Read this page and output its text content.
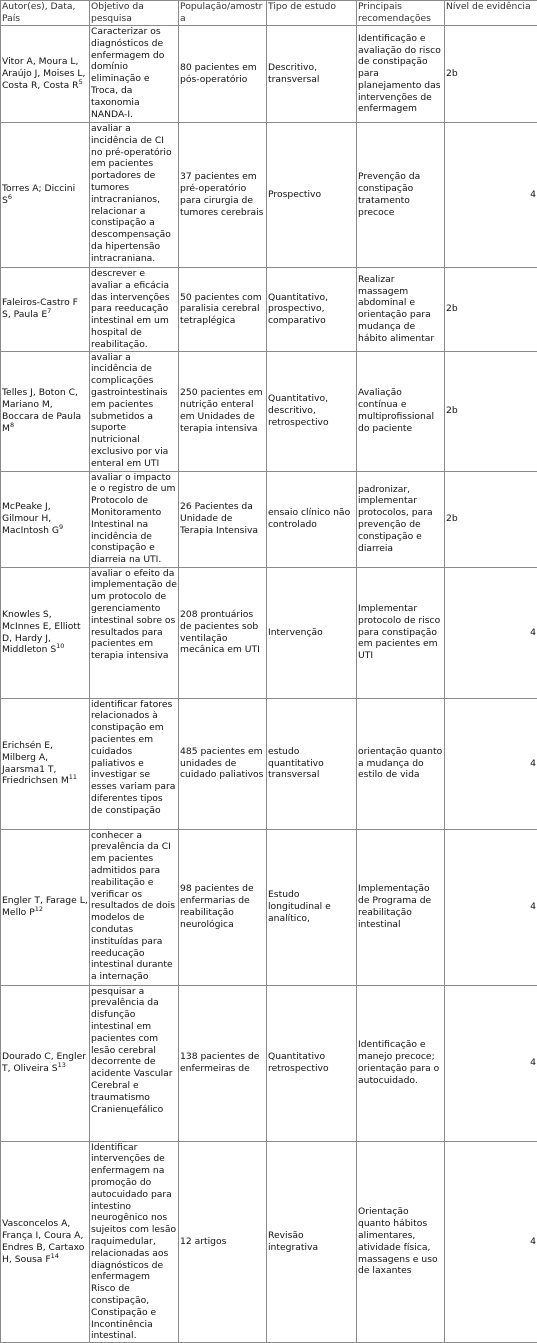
Autor(es), Data, País	Objetivo da pesquisa	População/amostra	Tipo de estudo	Principais recomendações	Nível de evidência
Vitor A, Moura L, Araújo J, Moises L, Costa R, Costa R$^5$	Caracterizar os diagnósticos de enfermagem do domínio eliminação e Troca, da taxonomia NANDA-I.	80 pacientes em pós-operatório	Descritivo, transversal	Identificação e avaliação do risco de constipação para planejamento das intervenções de enfermagem	2b
Torres A; Diccini S$^6$	avaliar a incidência de CI no pré-operatório em pacientes portadores de tumores intracranianos, relacionar a constipação a descompensação da hipertensão intracraniana.	37 pacientes em pré-operatório para cirurgia de tumores cerebrais	Prospectivo	Prevenção da constipação tratamento precoce	4
Faleiros-Castro F S, Paula E$^7$	descrever e avaliar a eficácia das intervenções para reeducação intestinal em um hospital de reabilitação.	50 pacientes com paralisia cerebral tetraplégica	Quantitativo, prospectivo, comparativo	Realizar massagem abdominal e orientação para mudança de hábito alimentar	2b
Telles J, Boton C, Mariano M, Boccara de Paula M$^8$	avaliar a incidência de complicações gastrointestinais em pacientes submetidos a suporte nutricional exclusivo por via enteral em UTI	250 pacientes em nutrição enteral em Unidades de terapia intensiva	Quantitativo, descritivo, retrospectivo	Avaliação contínua e multiprofissional do paciente	2b
McPeake J, Gilmour H, MacIntosh G$^9$	avaliar o impacto e o registro de um Protocolo de Monitoramento Intestinal na incidência de constipação e diarreia na UTI.	26 Pacientes da Unidade de Terapia Intensiva	ensaio clínico não controlado	padronizar, implementar protocolos, para prevenção de constipação e diarreia	2b
Knowles S, McInnes E, Elliott D, Hardy J, Middleton S$^{10}$	avaliar o efeito da implementação de um protocolo de gerenciamento intestinal sobre os resultados para pacientes em terapia intensiva	208 prontuários de pacientes sob ventilação mecânica em UTI	Intervenção	Implementar protocolo de risco para constipação em pacientes em UTI	4
Erichsén E, Milberg A, Jaarsma1 T, Friedrichsen M$^{11}$	identificar fatores relacionados à constipação em pacientes em cuidados paliativos e investigar se esses variam para diferentes tipos de constipação	485 pacientes em unidades de cuidado paliativos	estudo quantitativo transversal	orientação quanto a mudança do estilo de vida	4
Engler T, Farage L, Mello P$^{12}$	conhecer a prevalência da CI em pacientes admitidos para reabilitação e verificar os resultados de dois modelos de condutas instituídas para reeducação intestinal durante a internação	98 pacientes de enfermarias de reabilitação neurológica	Estudo longitudinal e analítico,	Implementação de Programa de reabilitação intestinal	4
Dourado C, Engler T, Oliveira S$^{13}$	pesquisar a prevalência da disfunção intestinal em pacientes com lesão cerebral decorrente de acidente Vascular Cerebral e traumatismo Cranienцefálico	138 pacientes de enfermeiras de	Quantitativo retrospectivo	Identificação e manejo precoce; orientação para o autocuidado.	4
Vasconcelos A, França I, Coura A, Endres B, Cartaxo H, Sousa F$^{14}$	Identificar intervenções de enfermagem na promoção do autocuidado para intestino neurogênico nos sujeitos com lesão raquimedular, relacionadas aos diagnósticos de enfermagem Risco de constipação, Constipação e Incontinência intestinal.	12 artigos	Revisão integrativa	Orientação quanto hábitos alimentares, atividade física, massagens e uso de laxantes	4
